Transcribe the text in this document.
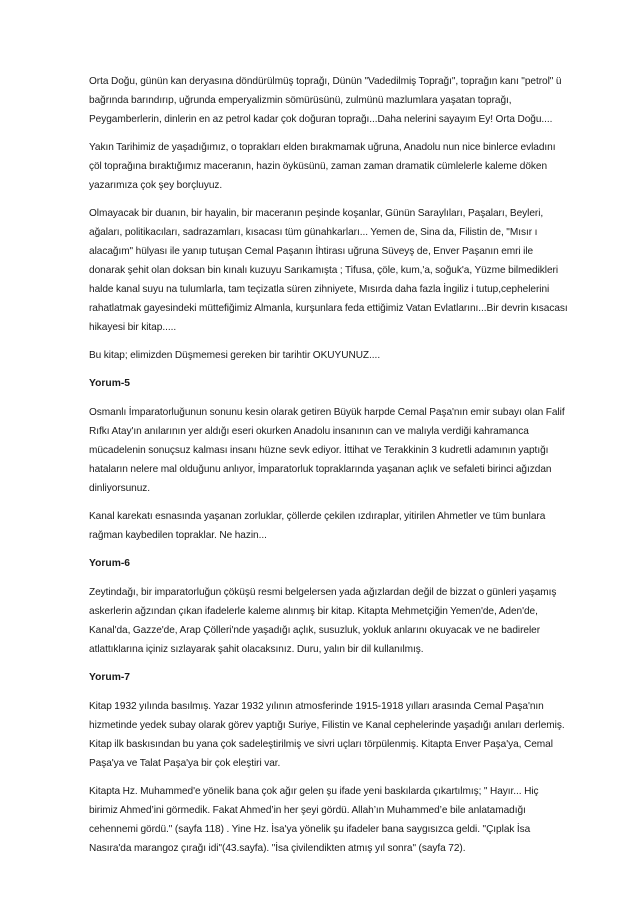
Orta Doğu, günün kan deryasına döndürülmüş toprağı, Dünün "Vadedilmiş Toprağı", toprağın kanı "petrol" ü bağrında barındırıp, uğrunda emperyalizmin sömürüsünü, zulmünü mazlumlara yaşatan toprağı, Peygamberlerin, dinlerin en az petrol kadar çok doğuran toprağı...Daha nelerini sayayım Ey! Orta Doğu....

Yakın Tarihimiz de yaşadığımız, o toprakları elden bırakmamak uğruna, Anadolu nun nice binlerce evladını çöl toprağına bıraktığımız maceranın, hazin öyküsünü, zaman zaman dramatik cümlelerle kaleme döken yazarımıza çok şey borçluyuz.

Olmayacak bir duanın, bir hayalin, bir maceranın peşinde koşanlar, Günün Saraylıları, Paşaları, Beyleri, ağaları, politikacıları, sadrazamları, kısacası tüm günahkarları... Yemen de, Sina da, Filistin de, "Mısır ı alacağım" hülyası ile yanıp tutuşan Cemal Paşanın İhtirası uğruna Süveyş de, Enver Paşanın emri ile donarak şehit olan doksan bin kınalı kuzuyu Sarıkamışta ; Tifusa, çöle, kum,'a, soğuk'a, Yüzme bilmedikleri halde kanal suyu na tulumlarla, tam teçizatla süren zihniyete, Mısırda daha fazla İngiliz i tutup,cephelerini rahatlatmak gayesindeki müttefiğimiz Almanla, kurşunlara feda ettiğimiz Vatan Evlatlarını...Bir devrin kısacası hikayesi bir kitap.....

Bu kitap; elimizden Düşmemesi gereken bir tarihtir OKUYUNUZ....

Yorum-5

Osmanlı İmparatorluğunun sonunu kesin olarak getiren Büyük harpde Cemal Paşa'nın emir subayı olan Falif Rıfkı Atay'ın anılarının yer aldığı eseri okurken Anadolu insanının can ve malıyla verdiği kahramanca mücadelenin sonuçsuz kalması insanı hüzne sevk ediyor. İttihat ve Terakkinin 3 kudretli adamının yaptığı hataların nelere mal olduğunu anlıyor, İmparatorluk topraklarında yaşanan açlık ve sefaleti birinci ağızdan dinliyorsunuz.

Kanal karekatı esnasında yaşanan zorluklar, çöllerde çekilen ızdıraplar, yitirilen Ahmetler ve tüm bunlara rağman kaybedilen topraklar. Ne hazin...

Yorum-6

Zeytindağı, bir imparatorluğun çöküşü resmi belgelersen yada ağızlardan değil de bizzat o günleri yaşamış askerlerin ağzından çıkan ifadelerle kaleme alınmış bir kitap. Kitapta Mehmetçiğin Yemen'de, Aden'de, Kanal'da, Gazze'de, Arap Çölleri'nde yaşadığı açlık, susuzluk, yokluk anlarını okuyacak ve ne badireler atlattıklarına içiniz sızlayarak şahit olacaksınız. Duru, yalın bir dil kullanılmış.

Yorum-7

Kitap 1932 yılında basılmış. Yazar 1932 yılının atmosferinde 1915-1918 yılları arasında Cemal Paşa'nın hizmetinde yedek subay olarak görev yaptığı Suriye, Filistin ve Kanal cephelerinde yaşadığı anıları derlemiş. Kitap ilk baskısından bu yana çok sadeleştirilmiş ve sivri uçları törpülenmiş. Kitapta Enver Paşa'ya, Cemal Paşa'ya ve Talat Paşa'ya bir çok eleştiri var.

Kitapta Hz. Muhammed'e yönelik bana çok ağır gelen şu ifade yeni baskılarda çıkartılmış; " Hayır... Hiç birimiz Ahmed’ini görmedik. Fakat Ahmed’in her şeyi gördü. Allah’ın Muhammed’e bile anlatamadığı cehennemi gördü." (sayfa 118) . Yine Hz. İsa'ya yönelik şu ifadeler bana saygısızca geldi. "Çıplak İsa Nasıra'da marangoz çırağı idi"(43.sayfa). "İsa çivilendikten atmış yıl sonra" (sayfa 72).
